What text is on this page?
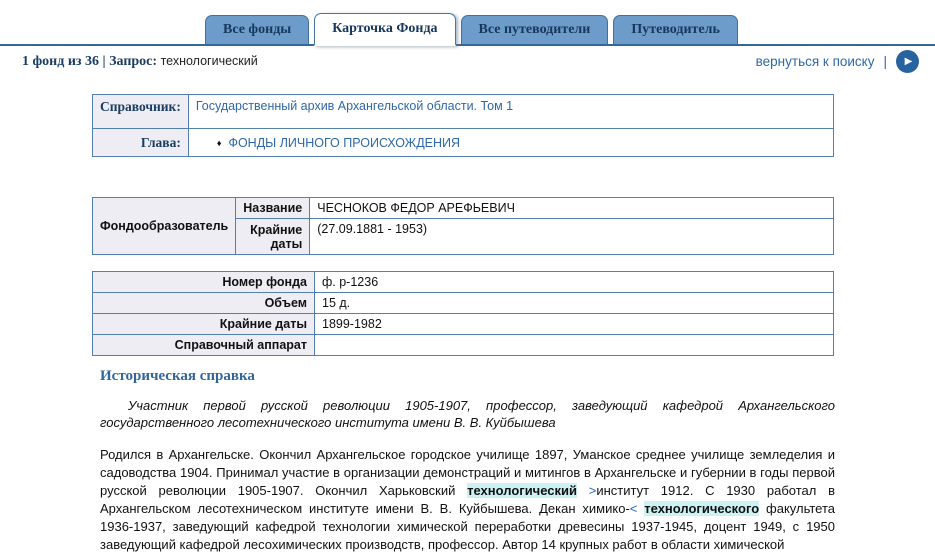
Все фонды	Карточка Фонда	Все путеводители	Путеводитель
1 фонд из 36 | Запрос: технологический	вернуться к поиску | ▶
Справочник:	Государственный архив Архангельской области. Том 1
Глава:	♦ ФОНДЫ ЛИЧНОГО ПРОИСХОЖДЕНИЯ
Фондообразователь	Название	ЧЕСНОКОВ ФЕДОР АРЕФЬЕВИЧ
	Крайние даты	(27.09.1881 - 1953)
Номер фонда	ф. р-1236
Объем	15 д.
Крайние даты	1899-1982
Справочный аппарат	
Историческая справка

Участник первой русской революции 1905-1907, профессор, заведующий кафедрой Архангельского государственного лесотехнического института имени В. В. Куйбышева

Родился в Архангельске. Окончил Архангельское городское училище 1897, Уманское среднее училище земледелия и садоводства 1904. Принимал участие в организации демонстраций и митингов в Архангельске и губернии в годы первой русской революции 1905-1907. Окончил Харьковский технологический >институт 1912. С 1930 работал в Архангельском лесотехническом институте имени В. В. Куйбышева. Декан химико-< технологического факультета 1936-1937, заведующий кафедрой технологии химической переработки древесины 1937-1945, доцент 1949, с 1950 заведующий кафедрой лесохимических производств, профессор. Автор 14 крупных работ в области химической
